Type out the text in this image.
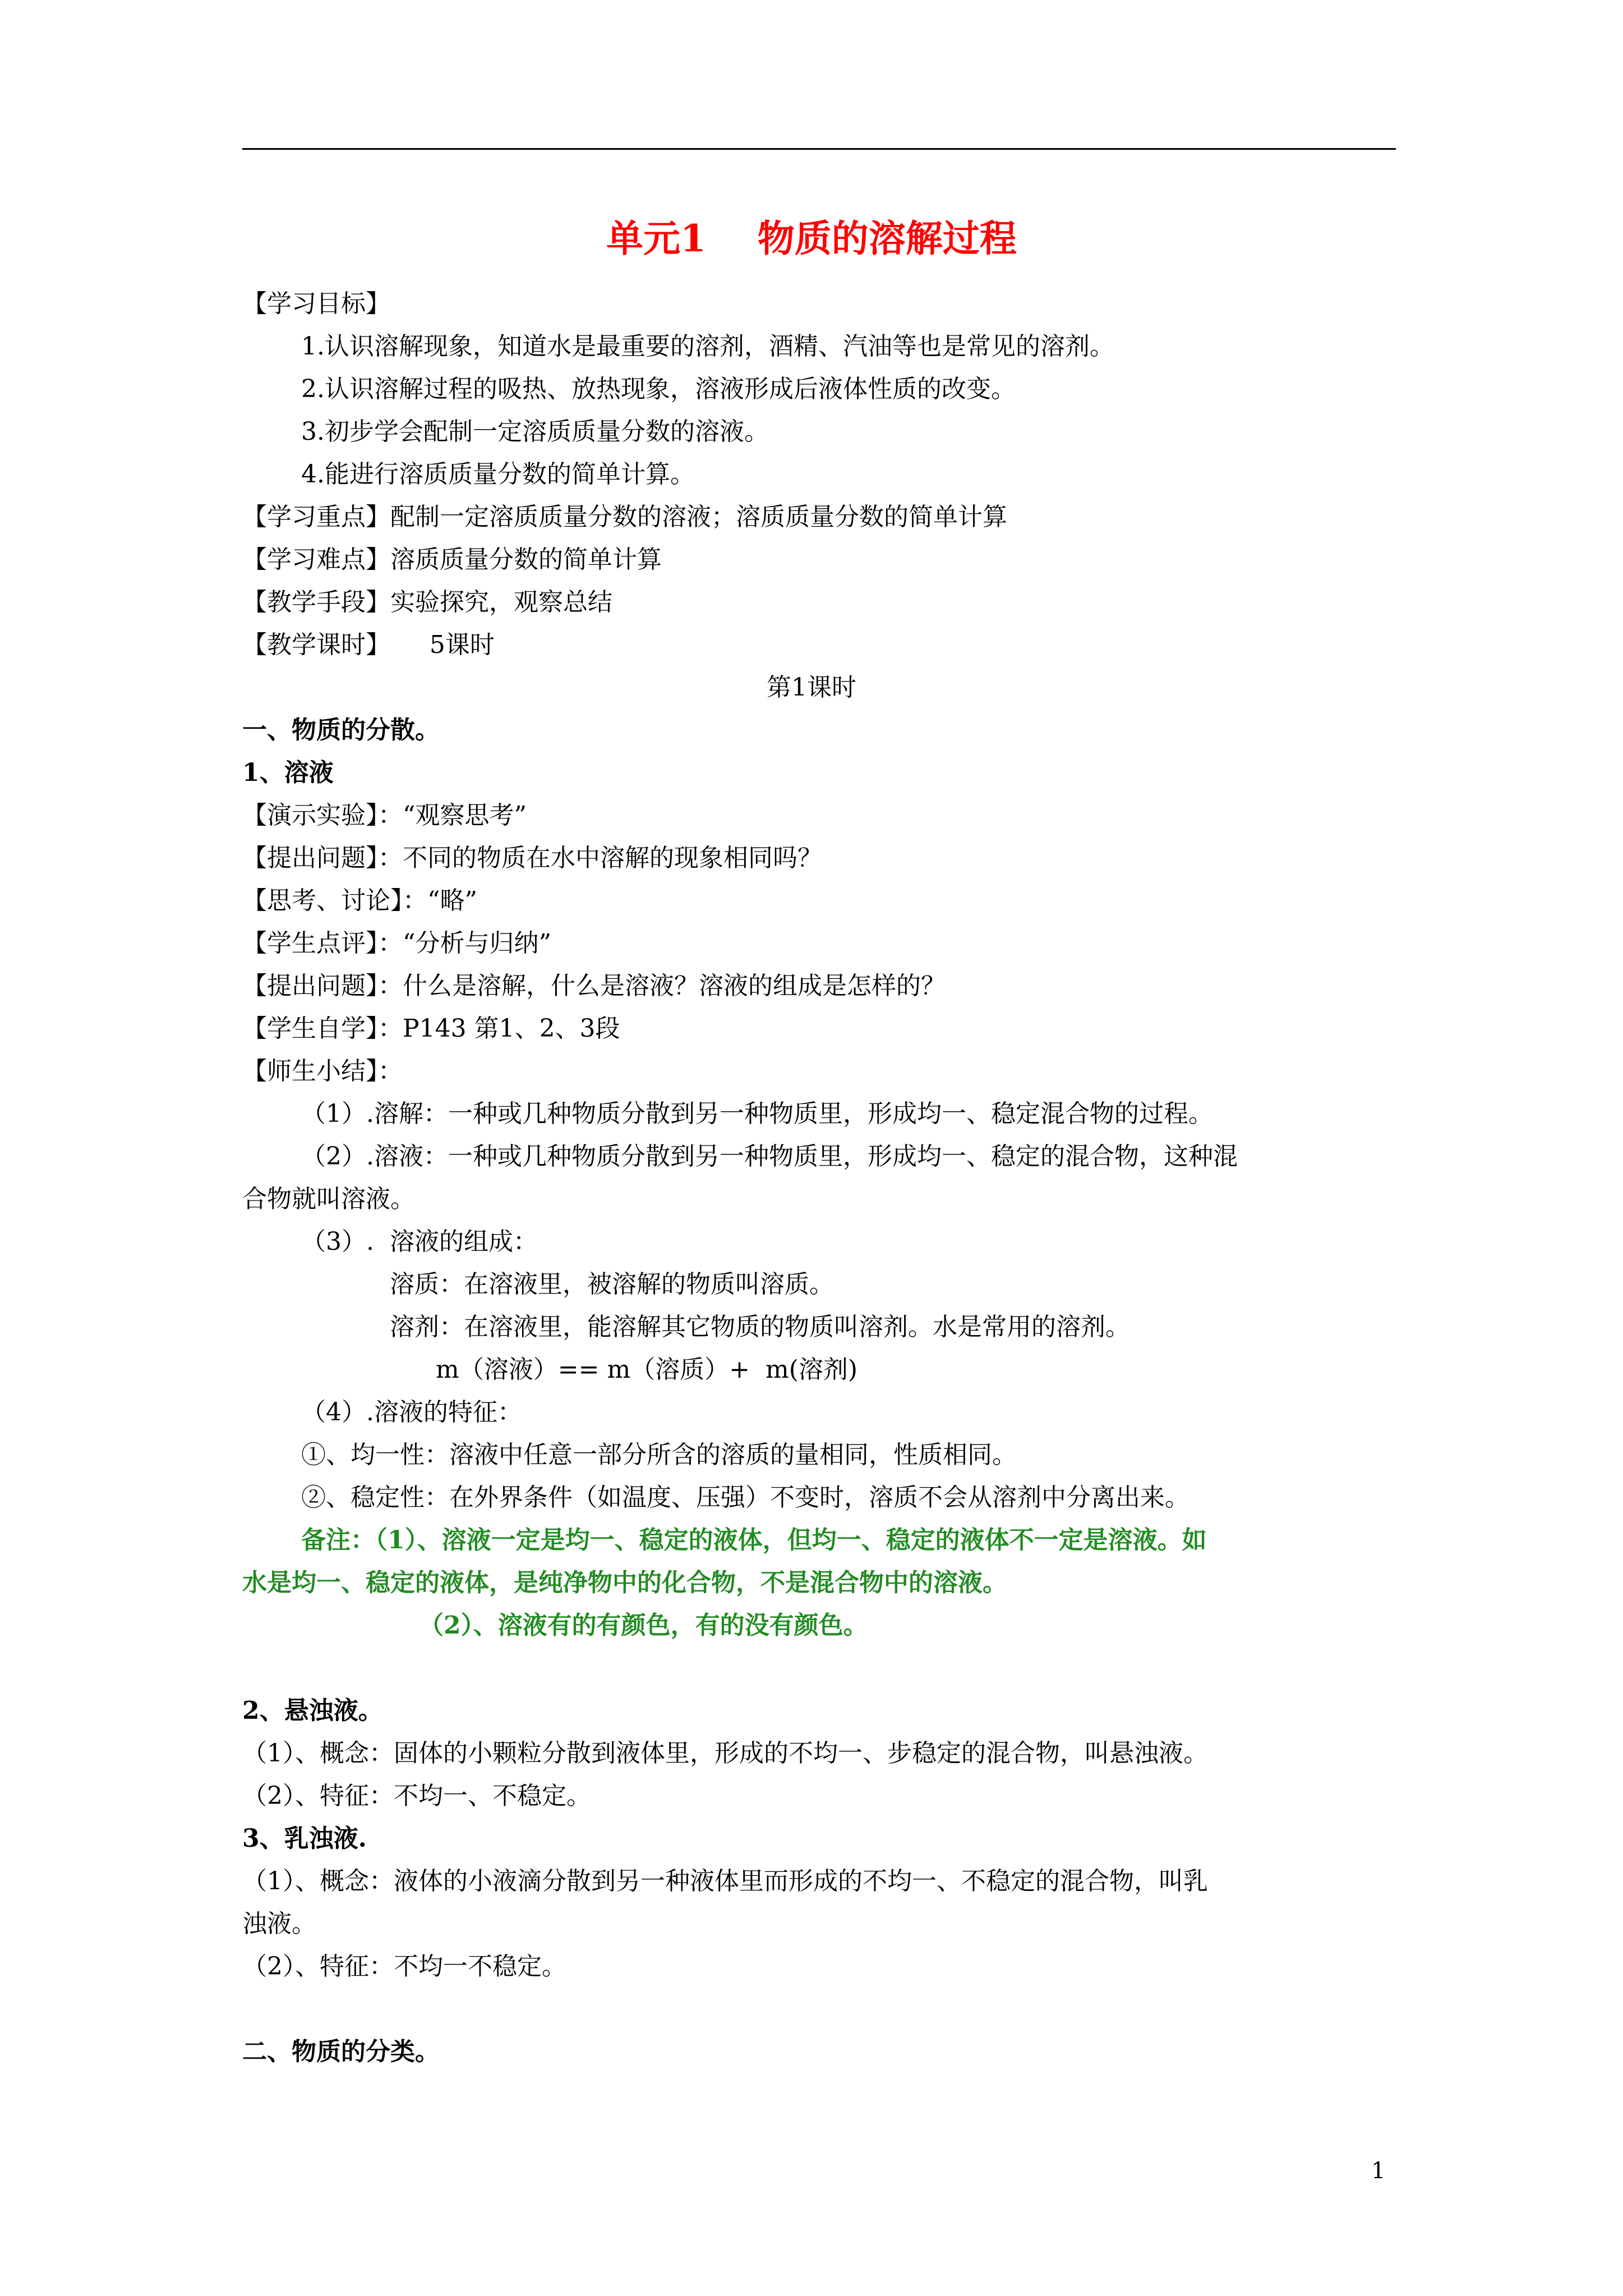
单元1    物质的溶解过程
【学习目标】
1.认识溶解现象，知道水是最重要的溶剂，酒精、汽油等也是常见的溶剂。
2.认识溶解过程的吸热、放热现象，溶液形成后液体性质的改变。
3.初步学会配制一定溶质质量分数的溶液。
4.能进行溶质质量分数的简单计算。
【学习重点】配制一定溶质质量分数的溶液；溶质质量分数的简单计算
【学习难点】溶质质量分数的简单计算
【教学手段】实验探究，观察总结
【教学课时】     5课时
第1课时
一、物质的分散。
1、溶液
【演示实验】：“观察思考”
【提出问题】：不同的物质在水中溶解的现象相同吗？
【思考、讨论】：“略”
【学生点评】：“分析与归纳”
【提出问题】：什么是溶解，什么是溶液？溶液的组成是怎样的？
【学生自学】：P143 第1、2、3段
【师生小结】：
（1）.溶解：一种或几种物质分散到另一种物质里，形成均一、稳定混合物的过程。
（2）.溶液：一种或几种物质分散到另一种物质里，形成均一、稳定的混合物，这种混
合物就叫溶液。
（3）.  溶液的组成：
溶质：在溶液里，被溶解的物质叫溶质。
溶剂：在溶液里，能溶解其它物质的物质叫溶剂。水是常用的溶剂。
m（溶液）== m（溶质）+  m(溶剂)
（4）.溶液的特征：
①、均一性：溶液中任意一部分所含的溶质的量相同，性质相同。
②、稳定性：在外界条件（如温度、压强）不变时，溶质不会从溶剂中分离出来。
备注：（1）、溶液一定是均一、稳定的液体，但均一、稳定的液体不一定是溶液。如
水是均一、稳定的液体，是纯净物中的化合物，不是混合物中的溶液。
（2）、溶液有的有颜色，有的没有颜色。
2、悬浊液。
（1）、概念：固体的小颗粒分散到液体里，形成的不均一、步稳定的混合物，叫悬浊液。
（2）、特征：不均一、不稳定。
3、乳浊液.
（1）、概念：液体的小液滴分散到另一种液体里而形成的不均一、不稳定的混合物，叫乳
浊液。
（2）、特征：不均一不稳定。
二、物质的分类。
1
